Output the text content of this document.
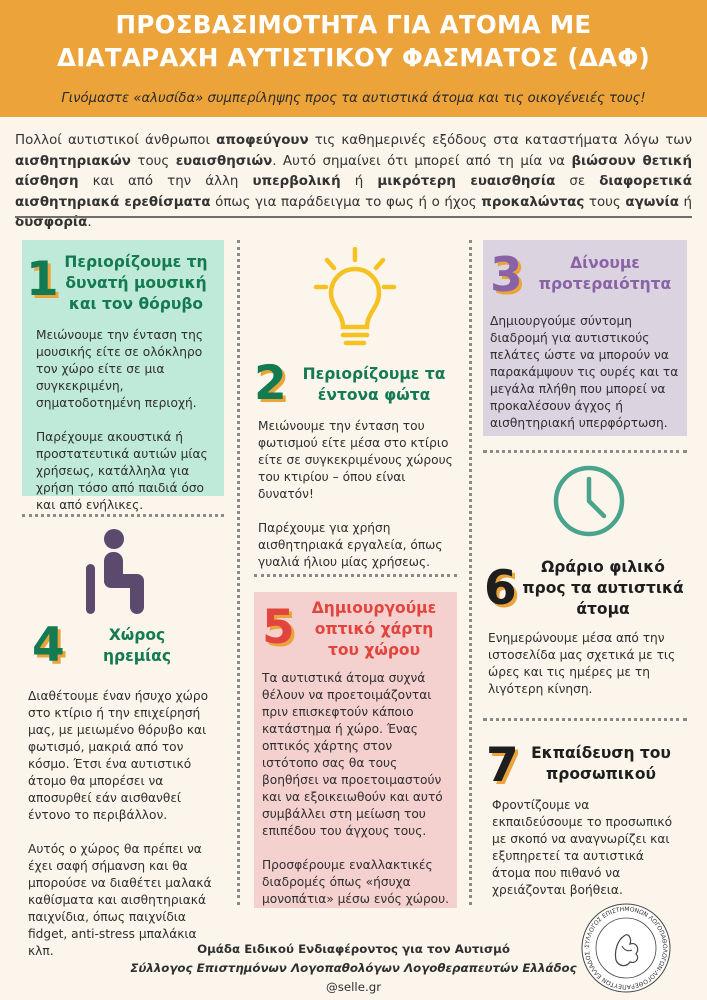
ΠΡΟΣΒΑΣΙΜΟΤΗΤΑ ΓΙΑ ΑΤΟΜΑ ΜΕ
ΔΙΑΤΑΡΑΧΗ ΑΥΤΙΣΤΙΚΟΥ ΦΑΣΜΑΤΟΣ (ΔΑΦ)
Γινόμαστε «αλυσίδα» συμπερίληψης προς τα αυτιστικά άτομα και τις οικογένειές τους!
Πολλοί αυτιστικοί άνθρωποι αποφεύγουν τις καθημερινές εξόδους στα καταστήματα λόγω των αισθητηριακών τους ευαισθησιών. Αυτό σημαίνει ότι μπορεί από τη μία να βιώσουν θετική αίσθηση και από την άλλη υπερβολική ή μικρότερη ευαισθησία σε διαφορετικά αισθητηριακά ερεθίσματα όπως για παράδειγμα το φως ή ο ήχος προκαλώντας τους αγωνία ή δυσφορία.
1 Περιορίζουμε τη
δυνατή μουσική
και τον θόρυβο

Μειώνουμε την ένταση της μουσικής είτε σε ολόκληρο τον χώρο είτε σε μια συγκεκριμένη, σηματοδοτημένη περιοχή.

Παρέχουμε ακουστικά ή προστατευτικά αυτιών μίας χρήσεως, κατάλληλα για χρήση τόσο από παιδιά όσο και από ενήλικες.

2	Περιορίζουμε τα
έντονα φώτα

Μειώνουμε την ένταση του φωτισμού είτε μέσα στο κτίριο είτε σε συγκεκριμένους χώρους του κτιρίου – όπου είναι δυνατόν!

Παρέχουμε για χρήση αισθητηριακά εργαλεία, όπως γυαλιά ήλιου μίας χρήσεως.

3	Δίνουμε
προτεραιότητα

Δημιουργούμε σύντομη διαδρομή για αυτιστικούς πελάτες ώστε να μπορούν να παρακάμψουν τις ουρές και τα μεγάλα πλήθη που μπορεί να προκαλέσουν άγχος ή αισθητηριακή υπερφόρτωση.

4	Χώρος
ηρεμίας

Διαθέτουμε έναν ήσυχο χώρο στο κτίριο ή την επιχείρησή μας, με μειωμένο θόρυβο και φωτισμό, μακριά από τον κόσμο. Έτσι ένα αυτιστικό άτομο θα μπορέσει να αποσυρθεί εάν αισθανθεί έντονο το περιβάλλον.

Αυτός ο χώρος θα πρέπει να έχει σαφή σήμανση και θα μπορούσε να διαθέτει μαλακά καθίσματα και αισθητηριακά παιχνίδια, όπως παιχνίδια fidget, anti-stress μπαλάκια κλπ.

5	Δημιουργούμε
οπτικό χάρτη
του χώρου

Τα αυτιστικά άτομα συχνά θέλουν να προετοιμάζονται πριν επισκεφτούν κάποιο κατάστημα ή χώρο. Ένας οπτικός χάρτης στον ιστότοπο σας θα τους βοηθήσει να προετοιμαστούν και να εξοικειωθούν και αυτό συμβάλλει στη μείωση του επιπέδου του άγχους τους.

Προσφέρουμε εναλλακτικές διαδρομές όπως «ήσυχα μονοπάτια» μέσω ενός χώρου.

6	Ωράριο φιλικό
προς τα αυτιστικά
άτομα

Ενημερώνουμε μέσα από την ιστοσελίδα μας σχετικά με τις ώρες και τις ημέρες με τη λιγότερη κίνηση.

7 Εκπαίδευση του
προσωπικού

Φροντίζουμε να εκπαιδεύσουμε το προσωπικό με σκοπό να αναγνωρίζει και εξυπηρετεί τα αυτιστικά άτομα που πιθανό να χρειάζονται βοήθεια.

Ομάδα Ειδικού Ενδιαφέροντος για τον Αυτισμό
Σύλλογος Επιστημόνων Λογοπαθολόγων Λογοθεραπευτών Ελλάδος
@selle.gr
ΣΥΛΛΟΓΟΣ ΕΠΙΣΤΗΜΟΝΩΝ ΛΟΓΟΠΑΘΟΛΟΓΩΝ-ΛΟΓΟΘΕΡΑΠΕΥΤΩΝ ΕΛΛΑΔΟΣ ·
